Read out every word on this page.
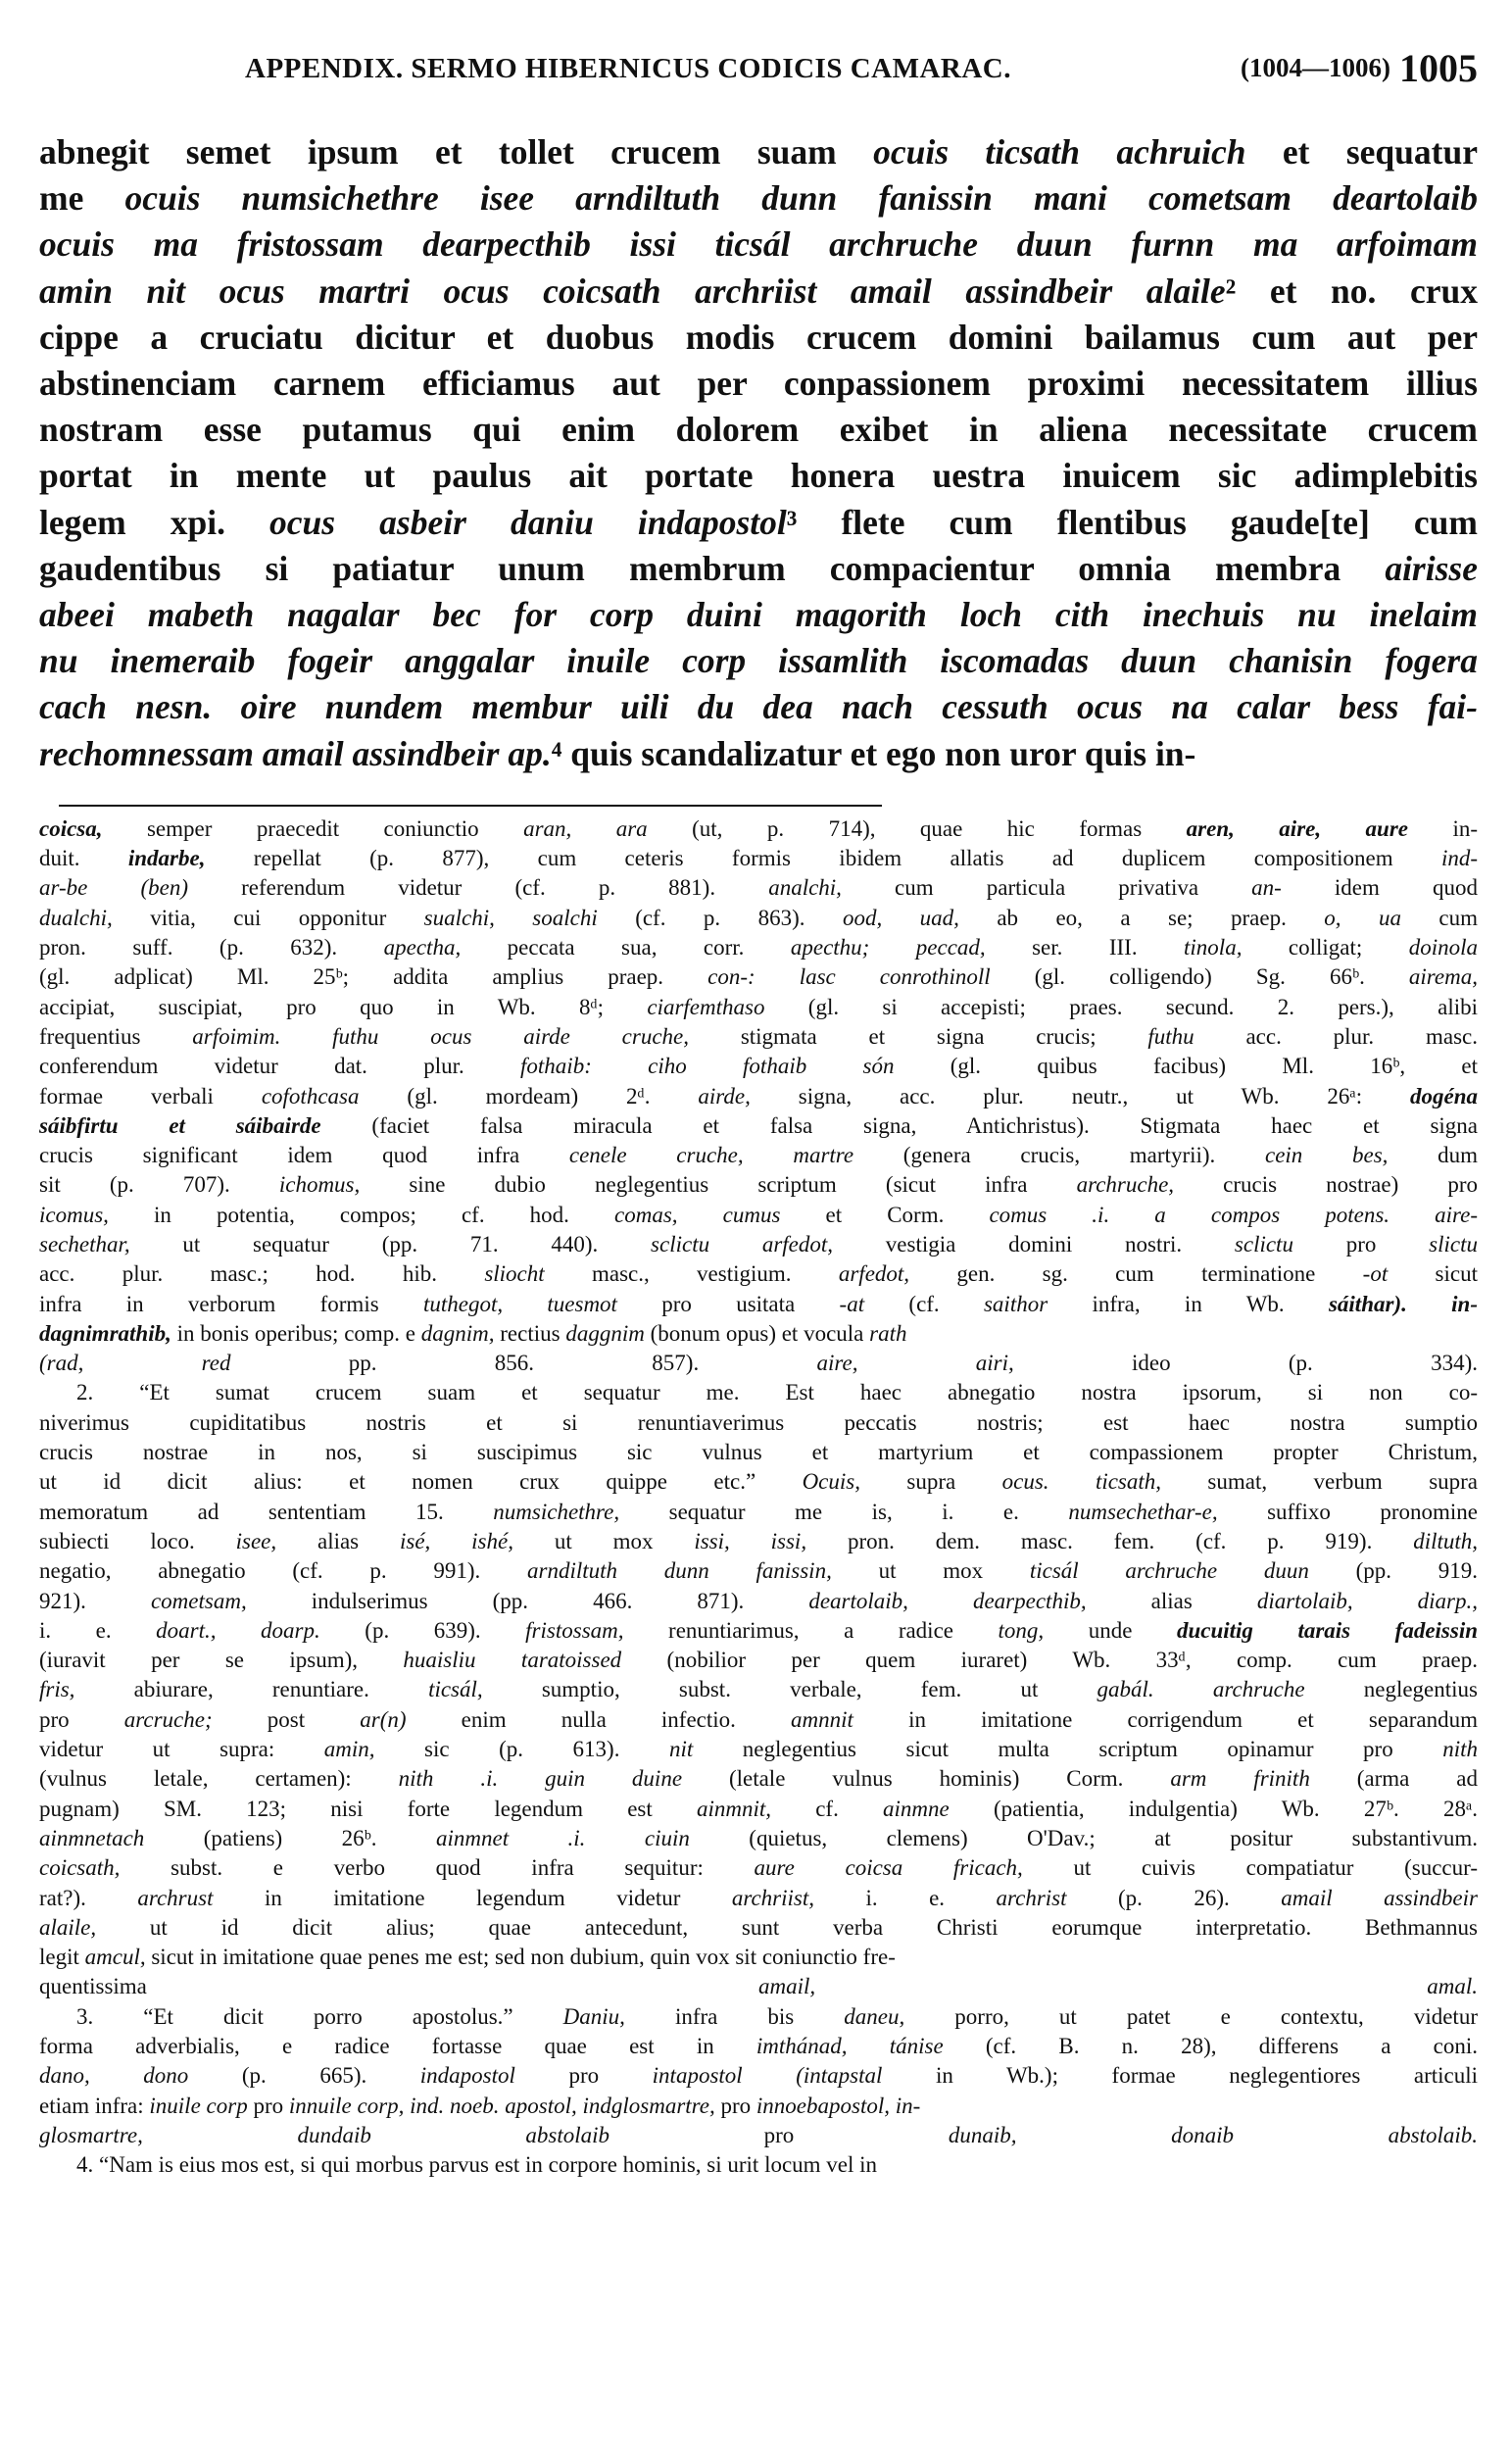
APPENDIX. SERMO HIBERNICUS CODICIS CAMARAC.	(1004—1006) 1005
abnegit semet ipsum et tollet crucem suam ocuis ticsath achruich et sequatur
me ocuis numsichethre isee arndiltuth dunn fanissin mani cometsam deartolaib
ocuis ma fristossam dearpecthib issi ticsál archruche duun furnn ma arfoimam
amin nit ocus martri ocus coicsath archriist amail assindbeir alaile² et no. crux
cippe a cruciatu dicitur et duobus modis crucem domini bailamus cum aut per
abstinenciam carnem efficiamus aut per conpassionem proximi necessitatem illius
nostram esse putamus qui enim dolorem exibet in aliena necessitate crucem
portat in mente ut paulus ait portate honera uestra inuicem sic adimplebitis
legem xpi. ocus asbeir daniu indapostol³ flete cum flentibus gaude[te] cum
gaudentibus si patiatur unum membrum compacientur omnia membra airisse
abeei mabeth nagalar bec for corp duini magorith loch cith inechuis nu inelaim
nu inemeraib fogeir anggalar inuile corp issamlith iscomadas duun chanisin fogera
cach nesn. oire nundem membur uili du dea nach cessuth ocus na calar bess fai-
rechomnessam amail assindbeir ap.⁴ quis scandalizatur et ego non uror quis in-
coicsa, semper praecedit coniunctio aran, ara (ut, p. 714), quae hic formas aren, aire, aure in-
duit. indarbe, repellat (p. 877), cum ceteris formis ibidem allatis ad duplicem compositionem ind-
ar-be (ben) referendum videtur (cf. p. 881). analchi, cum particula privativa an- idem quod
dualchi, vitia, cui opponitur sualchi, soalchi (cf. p. 863). ood, uad, ab eo, a se; praep. o, ua cum
pron. suff. (p. 632). apectha, peccata sua, corr. apecthu; peccad, ser. III. tinola, colligat; doinola
(gl. adplicat) Ml. 25ᵇ; addita amplius praep. con-: lasc conrothinoll (gl. colligendo) Sg. 66ᵇ. airema,
accipiat, suscipiat, pro quo in Wb. 8ᵈ; ciarfemthaso (gl. si accepisti; praes. secund. 2. pers.), alibi
frequentius arfoimim. futhu ocus airde cruche, stigmata et signa crucis; futhu acc. plur. masc.
conferendum videtur dat. plur. fothaib: ciho fothaib són (gl. quibus facibus) Ml. 16ᵇ, et
formae verbali cofothcasa (gl. mordeam) 2ᵈ. airde, signa, acc. plur. neutr., ut Wb. 26ᵃ: dogéna
sáibfirtu et sáibairde (faciet falsa miracula et falsa signa, Antichristus). Stigmata haec et signa
crucis significant idem quod infra cenele cruche, martre (genera crucis, martyrii). cein bes, dum
sit (p. 707). ichomus, sine dubio neglegentius scriptum (sicut infra archruche, crucis nostrae) pro
icomus, in potentia, compos; cf. hod. comas, cumus et Corm. comus .i. a compos potens. aire-
sechethar, ut sequatur (pp. 71. 440). sclictu arfedot, vestigia domini nostri. sclictu pro slictu
acc. plur. masc.; hod. hib. sliocht masc., vestigium. arfedot, gen. sg. cum terminatione -ot sicut
infra in verborum formis tuthegot, tuesmot pro usitata -at (cf. saithor infra, in Wb. sáithar). in-
dagnimrathib, in bonis operibus; comp. e dagnim, rectius daggnim (bonum opus) et vocula rath
(rad, red pp. 856. 857). aire, airi, ideo (p. 334).
2. “Et sumat crucem suam et sequatur me. Est haec abnegatio nostra ipsorum, si non co-
niverimus cupiditatibus nostris et si renuntiaverimus peccatis nostris; est haec nostra sumptio
crucis nostrae in nos, si suscipimus sic vulnus et martyrium et compassionem propter Christum,
ut id dicit alius: et nomen crux quippe etc.” Ocuis, supra ocus. ticsath, sumat, verbum supra
memoratum ad sententiam 15. numsichethre, sequatur me is, i. e. numsechethar-e, suffixo pronomine
subiecti loco. isee, alias isé, ishé, ut mox issi, issi, pron. dem. masc. fem. (cf. p. 919). diltuth,
negatio, abnegatio (cf. p. 991). arndiltuth dunn fanissin, ut mox ticsál archruche duun (pp. 919.
921). cometsam, indulserimus (pp. 466. 871). deartolaib, dearpecthib, alias diartolaib, diarp.,
i. e. doart., doarp. (p. 639). fristossam, renuntiarimus, a radice tong, unde ducuitig tarais fadeissin
(iuravit per se ipsum), huaisliu taratoissed (nobilior per quem iuraret) Wb. 33ᵈ, comp. cum praep.
fris, abiurare, renuntiare. ticsál, sumptio, subst. verbale, fem. ut gabál. archruche neglegentius
pro arcruche; post ar(n) enim nulla infectio. amnnit in imitatione corrigendum et separandum
videtur ut supra: amin, sic (p. 613). nit neglegentius sicut multa scriptum opinamur pro nith
(vulnus letale, certamen): nith .i. guin duine (letale vulnus hominis) Corm. arm frinith (arma ad
pugnam) SM. 123; nisi forte legendum est ainmnit, cf. ainmne (patientia, indulgentia) Wb. 27ᵇ. 28ᵃ.
ainmnetach (patiens) 26ᵇ. ainmnet .i. ciuin (quietus, clemens) O'Dav.; at positur substantivum.
coicsath, subst. e verbo quod infra sequitur: aure coicsa fricach, ut cuivis compatiatur (succur-
rat?). archrust in imitatione legendum videtur archriist, i. e. archrist (p. 26). amail assindbeir
alaile, ut id dicit alius; quae antecedunt, sunt verba Christi eorumque interpretatio. Bethmannus
legit amcul, sicut in imitatione quae penes me est; sed non dubium, quin vox sit coniunctio fre-
quentissima amail, amal.
3. “Et dicit porro apostolus.” Daniu, infra bis daneu, porro, ut patet e contextu, videtur
forma adverbialis, e radice fortasse quae est in imthánad, tánise (cf. B. n. 28), differens a coni.
dano, dono (p. 665). indapostol pro intapostol (intapstal in Wb.); formae neglegentiores articuli
etiam infra: inuile corp pro innuile corp, ind. noeb. apostol, indglosmartre, pro innoebapostol, in-
glosmartre, dundaib abstolaib pro dunaib, donaib abstolaib.
4. “Nam is eius mos est, si qui morbus parvus est in corpore hominis, si urit locum vel in
